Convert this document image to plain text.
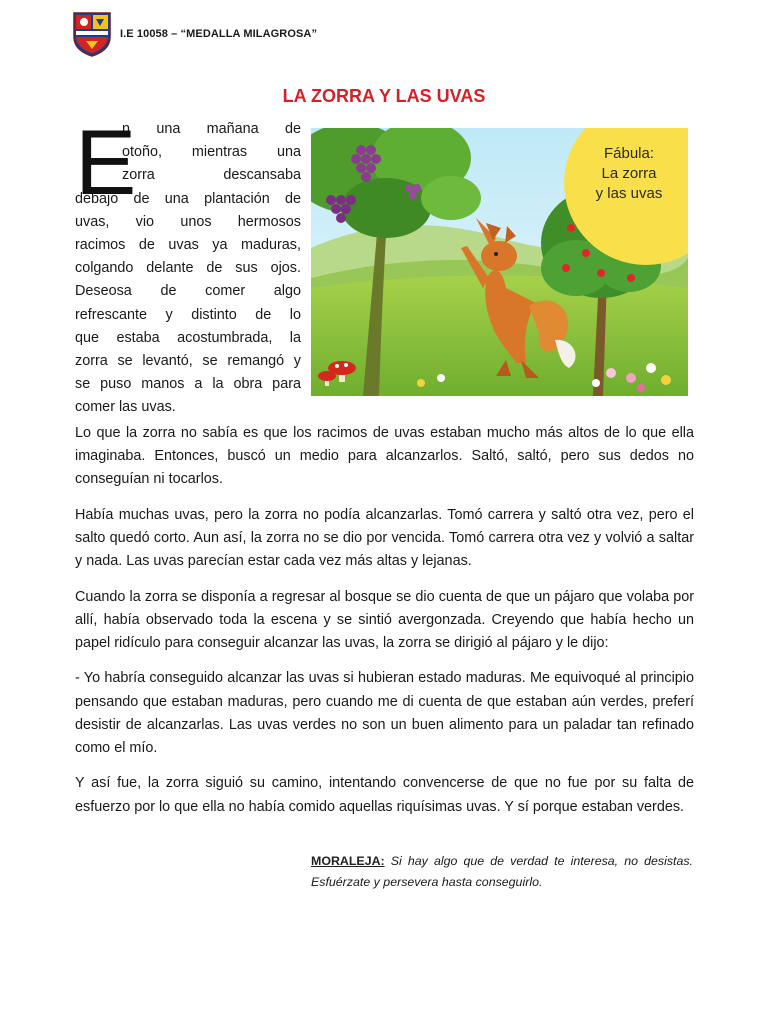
I.E 10058 – “MEDALLA MILAGROSA”
LA ZORRA Y LAS UVAS
E
n una mañana de
otoño, mientras una
zorra descansaba
debajo de una plantación de
uvas, vio unos hermosos
racimos de uvas ya maduras,
colgando delante de sus ojos.
Deseosa de comer algo
refrescante y distinto de lo
que estaba acostumbrada, la
zorra se levantó, se remangó y
se puso manos a la obra para
comer las uvas.
Fábula:
La zorra
y las uvas

Lo que la zorra no sabía es que los racimos de uvas estaban mucho más altos de lo que ella imaginaba. Entonces, buscó un medio para alcanzarlos. Saltó, saltó, pero sus dedos no conseguían ni tocarlos.

Había muchas uvas, pero la zorra no podía alcanzarlas. Tomó carrera y saltó otra vez, pero el salto quedó corto. Aun así, la zorra no se dio por vencida. Tomó carrera otra vez y volvió a saltar y nada. Las uvas parecían estar cada vez más altas y lejanas.

Cuando la zorra se disponía a regresar al bosque se dio cuenta de que un pájaro que volaba por allí, había observado toda la escena y se sintió avergonzada. Creyendo que había hecho un papel ridículo para conseguir alcanzar las uvas, la zorra se dirigió al pájaro y le dijo:

- Yo habría conseguido alcanzar las uvas si hubieran estado maduras. Me equivoqué al principio pensando que estaban maduras, pero cuando me di cuenta de que estaban aún verdes, preferí desistir de alcanzarlas. Las uvas verdes no son un buen alimento para un paladar tan refinado como el mío.

Y así fue, la zorra siguió su camino, intentando convencerse de que no fue por su falta de esfuerzo por lo que ella no había comido aquellas riquísimas uvas. Y sí porque estaban verdes.

MORALEJA: Si hay algo que de verdad te interesa, no desistas. Esfuérzate y persevera hasta conseguirlo.
